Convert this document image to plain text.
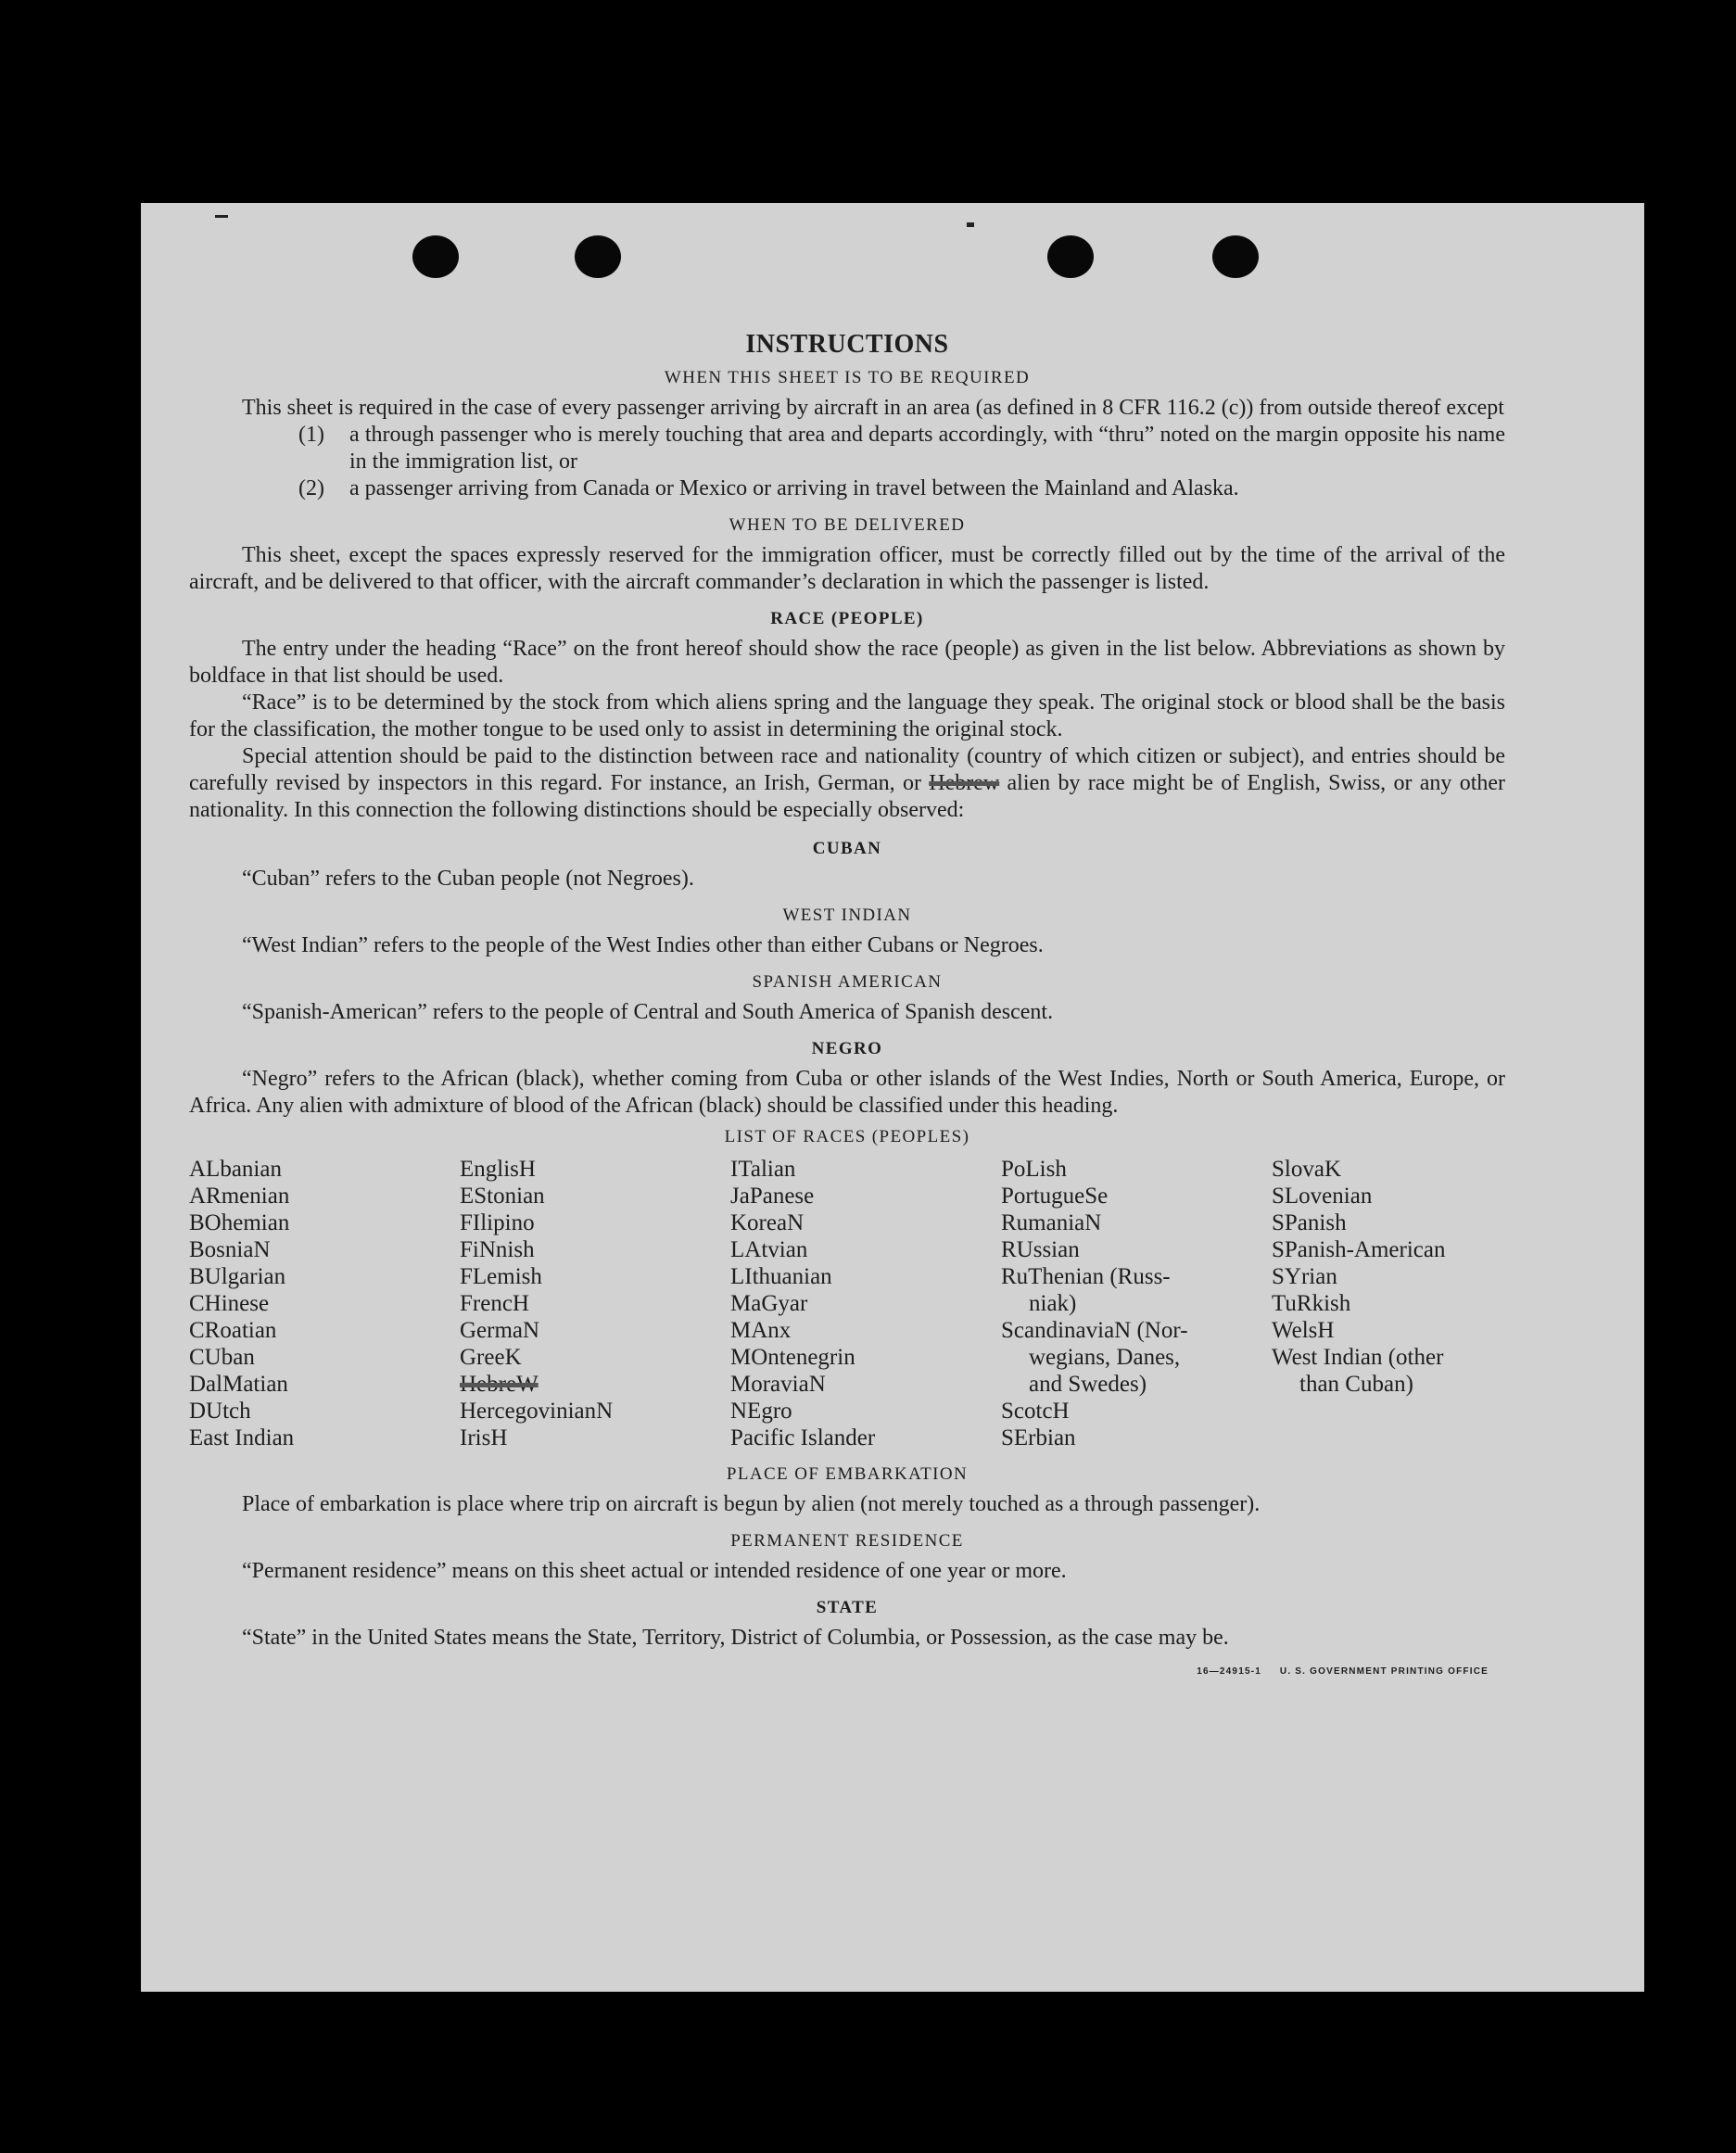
INSTRUCTIONS
WHEN THIS SHEET IS TO BE REQUIRED

This sheet is required in the case of every passenger arriving by aircraft in an area (as defined in 8 CFR 116.2 (c)) from outside thereof except

(1)	a through passenger who is merely touching that area and departs accordingly, with “thru” noted on the margin opposite his name in the immigration list, or
(2)	a passenger arriving from Canada or Mexico or arriving in travel between the Mainland and Alaska.
WHEN TO BE DELIVERED

This sheet, except the spaces expressly reserved for the immigration officer, must be correctly filled out by the time of the arrival of the aircraft, and be delivered to that officer, with the aircraft commander’s declaration in which the passenger is listed.

RACE (PEOPLE)

The entry under the heading “Race” on the front hereof should show the race (people) as given in the list below. Abbreviations as shown by boldface in that list should be used.

“Race” is to be determined by the stock from which aliens spring and the language they speak. The original stock or blood shall be the basis for the classification, the mother tongue to be used only to assist in determining the original stock.

Special attention should be paid to the distinction between race and nationality (country of which citizen or subject), and entries should be carefully revised by inspectors in this regard. For instance, an Irish, German, or Hebrew alien by race might be of English, Swiss, or any other nationality. In this connection the following distinctions should be especially observed:

CUBAN

“Cuban” refers to the Cuban people (not Negroes).

WEST INDIAN

“West Indian” refers to the people of the West Indies other than either Cubans or Negroes.

SPANISH AMERICAN

“Spanish-American” refers to the people of Central and South America of Spanish descent.

NEGRO

“Negro” refers to the African (black), whether coming from Cuba or other islands of the West Indies, North or South America, Europe, or Africa. Any alien with admixture of blood of the African (black) should be classified under this heading.

LIST OF RACES (PEOPLES)
ALbanian
ARmenian
BOhemian
BosniaN
BUlgarian
CHinese
CRoatian
CUban
DalMatian
DUtch
East Indian
EnglisH
EStonian
FIlipino
FiNnish
FLemish
FrencH
GermaN
GreeK
HebreW
HercegovinianN
IrisH
ITalian
JaPanese
KoreaN
LAtvian
LIthuanian
MaGyar
MAnx
MOntenegrin
MoraviaN
NEgro
Pacific Islander
PoLish
PortugueSe
RumaniaN
RUssian
RuThenian (Russ-
niak)
ScandinaviaN (Nor-
wegians, Danes,
and Swedes)
ScotcH
SErbian
SlovaK
SLovenian
SPanish
SPanish-American
SYrian
TuRkish
WelsH
West Indian (other
than Cuban)
PLACE OF EMBARKATION

Place of embarkation is place where trip on aircraft is begun by alien (not merely touched as a through passenger).

PERMANENT RESIDENCE

“Permanent residence” means on this sheet actual or intended residence of one year or more.

STATE

“State” in the United States means the State, Territory, District of Columbia, or Possession, as the case may be.

16—24915-1 U. S. GOVERNMENT PRINTING OFFICE
